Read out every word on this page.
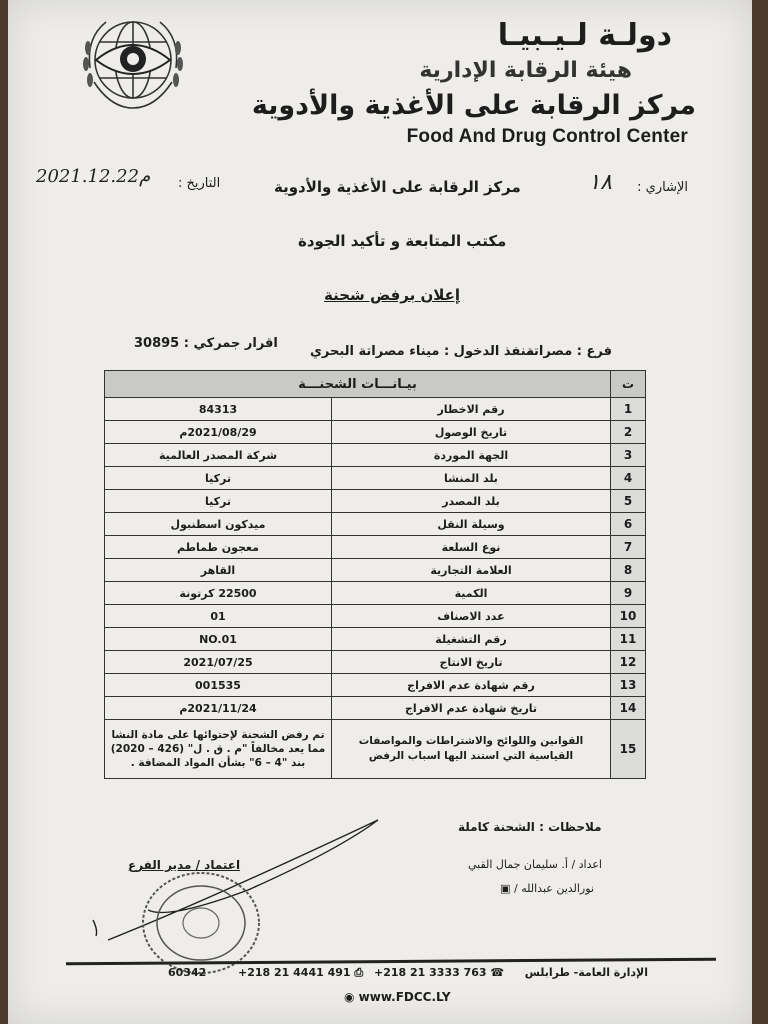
دولـة لـيـبيـا
هيئة الرقابة الإدارية
مركز الرقابة على الأغذية والأدوية
Food And Drug Control Center
التاريخ :
2021.12.22م
الإشاري :
١٨
مركز الرقابة على الأغذية والأدوية
مكتب المتابعة و تأكيد الجودة
إعلان برفض شحنة
فرع : مصراتة
منفذ الدخول : ميناء مصراتة البحري
اقرار جمركي : 30895
ت	بيـانـــات الشحنـــة	
1	رقم الاخطار	84313
2	تاريخ الوصول	2021/08/29م
3	الجهة الموردة	شركة المصدر العالمية
4	بلد المنشا	تركيا
5	بلد المصدر	تركيا
6	وسيلة النقل	ميدكون اسطنبول
7	نوع السلعة	معجون طماطم
8	العلامة التجارية	القاهر
9	الكمية	22500 كرتونة
10	عدد الاصناف	01
11	رقم التشغيلة	NO.01
12	تاريخ الانتاج	2021/07/25
13	رقم شهادة عدم الافراج	001535
14	تاريخ شهادة عدم الافراج	2021/11/24م
15	القوانين واللوائح والاشتراطات والمواصفات القياسية التي استند اليها اسباب الرفض	تم رفض الشحنة لإحتوائها على مادة النشا مما يعد مخالفاً "م . ق . ل" (426 – 2020) بند "4 – 6" بشأن المواد المضافة .
ملاحظات : الشحنة كاملة
اعتماد / مدير الفرع	اعداد / أ. سليمان جمال القبي
نورالدين عبدالله / ▣
الإدارة العامة- طرابلس
+218 21 3333 763 ☎
+218 21 4441 491 ⎙
60342
◉ www.FDCC.LY
